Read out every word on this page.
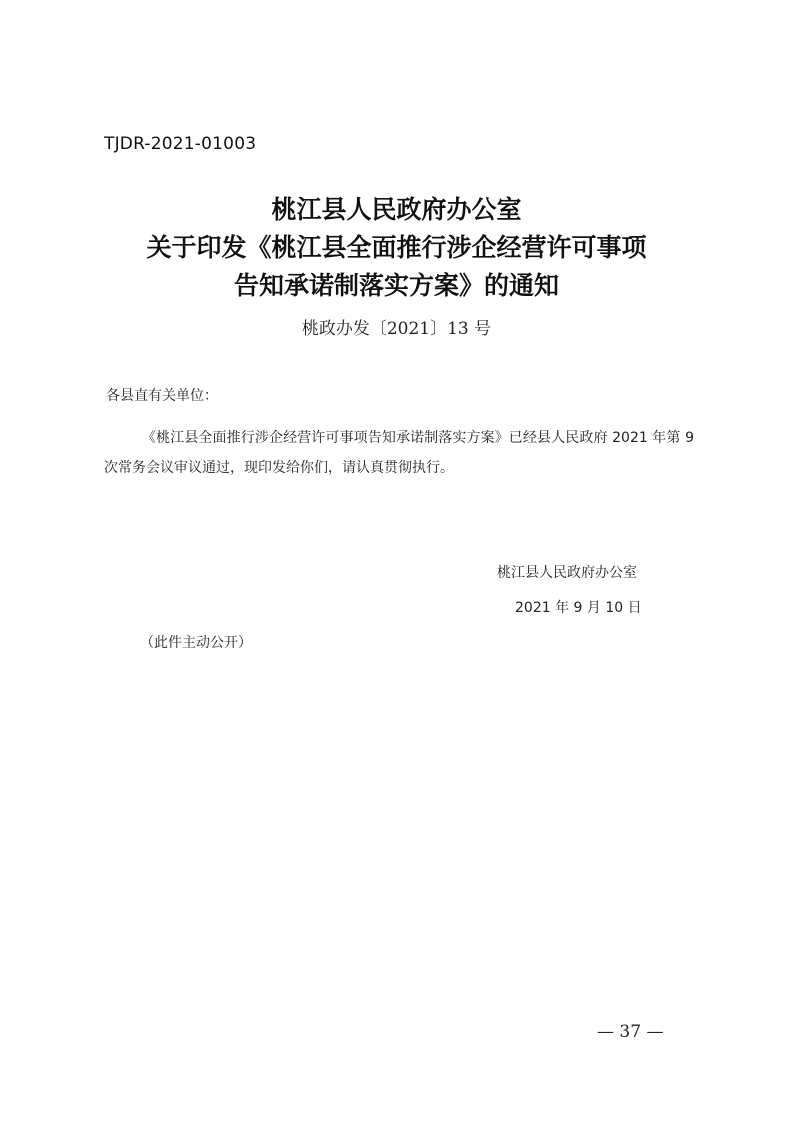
TJDR-2021-01003
桃江县人民政府办公室
关于印发《桃江县全面推行涉企经营许可事项
告知承诺制落实方案》的通知
桃政办发〔2021〕13 号
各县直有关单位：
《桃江县全面推行涉企经营许可事项告知承诺制落实方案》已经县人民政府 2021 年第 9 次常务会议审议通过，现印发给你们，请认真贯彻执行。
桃江县人民政府办公室
2021 年 9 月 10 日
（此件主动公开）
— 37 —
